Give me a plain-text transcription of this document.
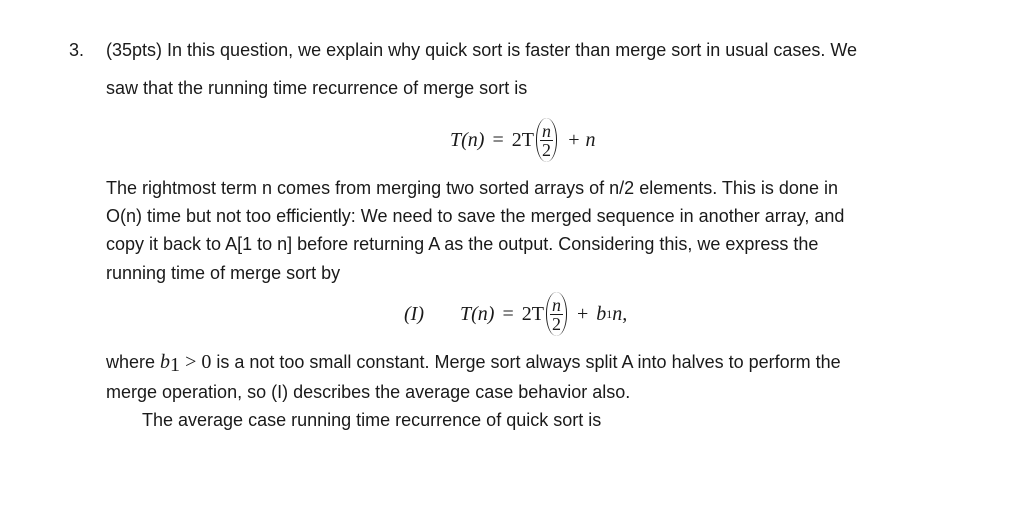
3. (35pts) In this question, we explain why quick sort is faster than merge sort in usual cases. We
saw that the running time recurrence of merge sort is
$T(n) = 2T \frac{n}{2} + n$
The rightmost term n comes from merging two sorted arrays of n/2 elements. This is done in
O(n) time but not too efficiently: We need to save the merged sequence in another array, and
copy it back to A[1 to n] before returning A as the output. Considering this, we express the
running time of merge sort by
(I) $T(n) = 2T \frac{n}{2} + b$ 1 n,
where $b_1 > 0$ is a not too small constant. Merge sort always split A into halves to perform the
merge operation, so (I) describes the average case behavior also.
The average case running time recurrence of quick sort is
